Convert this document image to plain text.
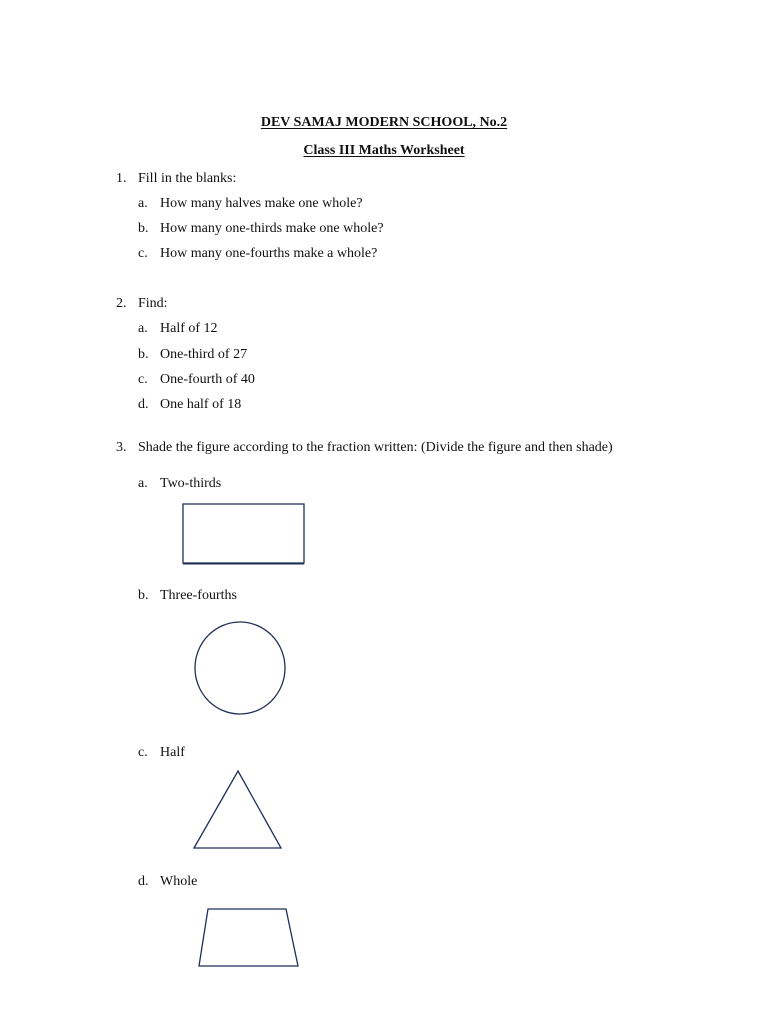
DEV SAMAJ MODERN SCHOOL, No.2
Class III Maths Worksheet
1. Fill in the blanks:
a. How many halves make one whole?
b. How many one-thirds make one whole?
c. How many one-fourths make a whole?
2. Find:
a. Half of 12
b. One-third of 27
c. One-fourth of 40
d. One half of 18
3. Shade the figure according to the fraction written: (Divide the figure and then shade)
a. Two-thirds
b. Three-fourths
c. Half
d. Whole
